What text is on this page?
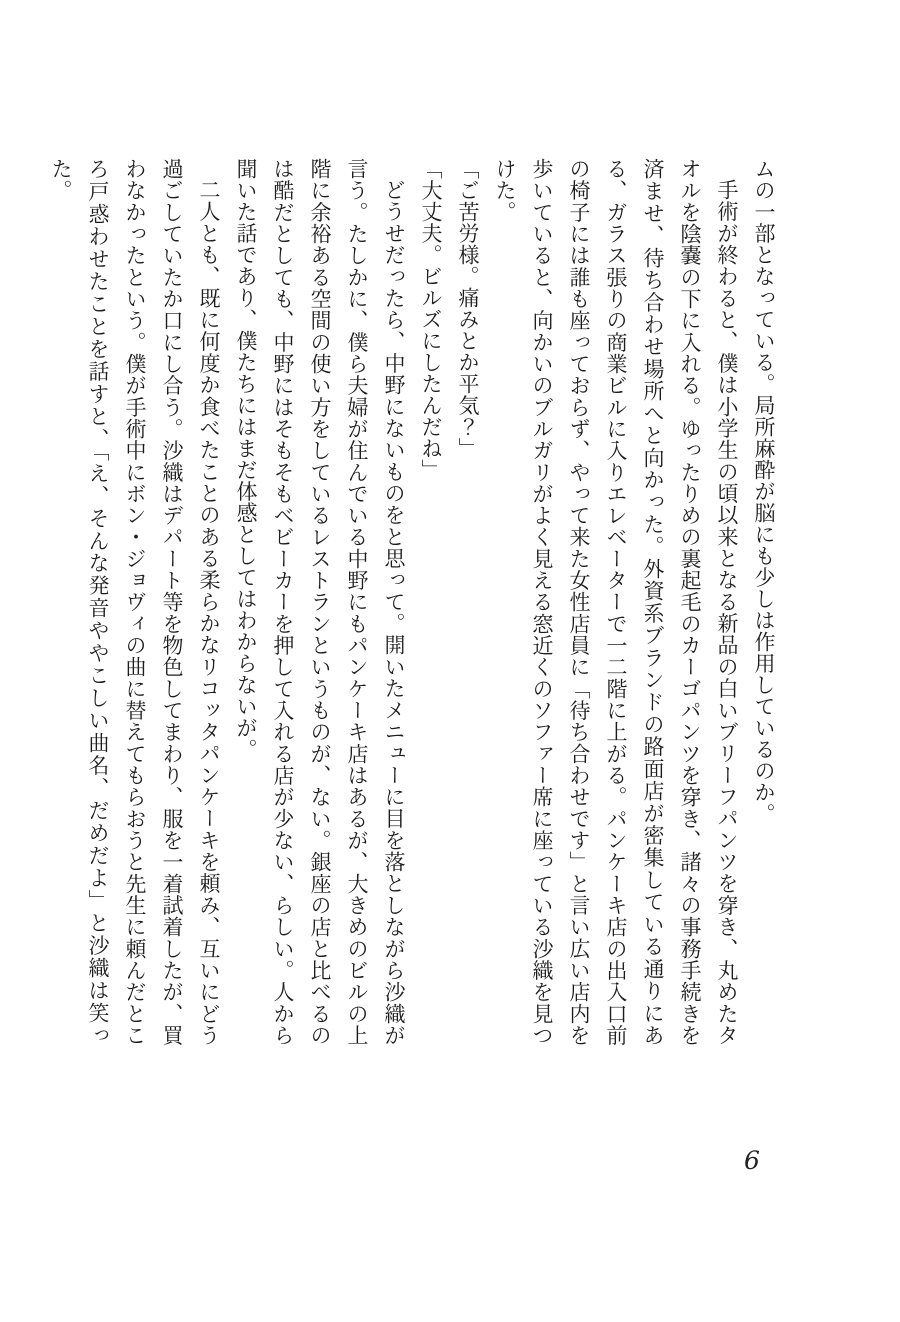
ムの一部となっている。局所麻酔が脳にも少しは作用しているのか。

手術が終わると、僕は小学生の頃以来となる新品の白いブリーフパンツを穿き、丸めたタオルを陰嚢の下に入れる。ゆったりめの裏起毛のカーゴパンツを穿き、諸々の事務手続きを済ませ、待ち合わせ場所へと向かった。外資系ブランドの路面店が密集している通りにある、ガラス張りの商業ビルに入りエレベーターで一二階に上がる。パンケーキ店の出入口前の椅子には誰も座っておらず、やって来た女性店員に「待ち合わせです」と言い広い店内を歩いていると、向かいのブルガリがよく見える窓近くのソファー席に座っている沙織を見つけた。

「ご苦労様。痛みとか平気？」

「大丈夫。ビルズにしたんだね」

どうせだったら、中野にないものをと思って。開いたメニューに目を落としながら沙織が言う。たしかに、僕ら夫婦が住んでいる中野にもパンケーキ店はあるが、大きめのビルの上階に余裕ある空間の使い方をしているレストランというものが、ない。銀座の店と比べるのは酷だとしても、中野にはそもそもベビーカーを押して入れる店が少ない、らしい。人から聞いた話であり、僕たちにはまだ体感としてはわからないが。

二人とも、既に何度か食べたことのある柔らかなリコッタパンケーキを頼み、互いにどう過ごしていたか口にし合う。沙織はデパート等を物色してまわり、服を一着試着したが、買わなかったという。僕が手術中にボン・ジョヴィの曲に替えてもらおうと先生に頼んだところ戸惑わせたことを話すと、「え、そんな発音ややこしい曲名、だめだよ」と沙織は笑った。

6
